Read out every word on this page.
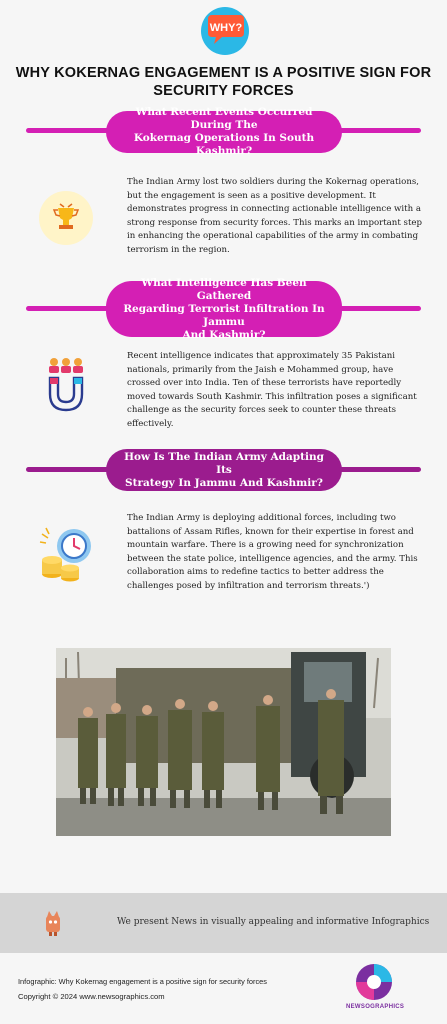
WHY?
WHY KOKERNAG ENGAGEMENT IS A POSITIVE SIGN FOR
SECURITY FORCES
What Recent Events Occurred During The
Kokernag Operations In South Kashmir?
The Indian Army lost two soldiers during the Kokernag operations, but the engagement is seen as a positive development. It demonstrates progress in connecting actionable intelligence with a strong response from security forces. This marks an important step in enhancing the operational capabilities of the army in combating terrorism in the region.
What Intelligence Has Been Gathered
Regarding Terrorist Infiltration In Jammu
And Kashmir?
Recent intelligence indicates that approximately 35 Pakistani nationals, primarily from the Jaish e Mohammed group, have crossed over into India. Ten of these terrorists have reportedly moved towards South Kashmir. This infiltration poses a significant challenge as the security forces seek to counter these threats effectively.
How Is The Indian Army Adapting Its
Strategy In Jammu And Kashmir?
The Indian Army is deploying additional forces, including two battalions of Assam Rifles, known for their expertise in forest and mountain warfare. There is a growing need for synchronization between the state police, intelligence agencies, and the army. This collaboration aims to redefine tactics to better address the challenges posed by infiltration and terrorism threats.')
We present News in visually appealing and informative Infographics
Infographic: Why Kokernag engagement is a positive sign for security forces
Copyright © 2024 www.newsographics.com
NEWSOGRAPHICS
